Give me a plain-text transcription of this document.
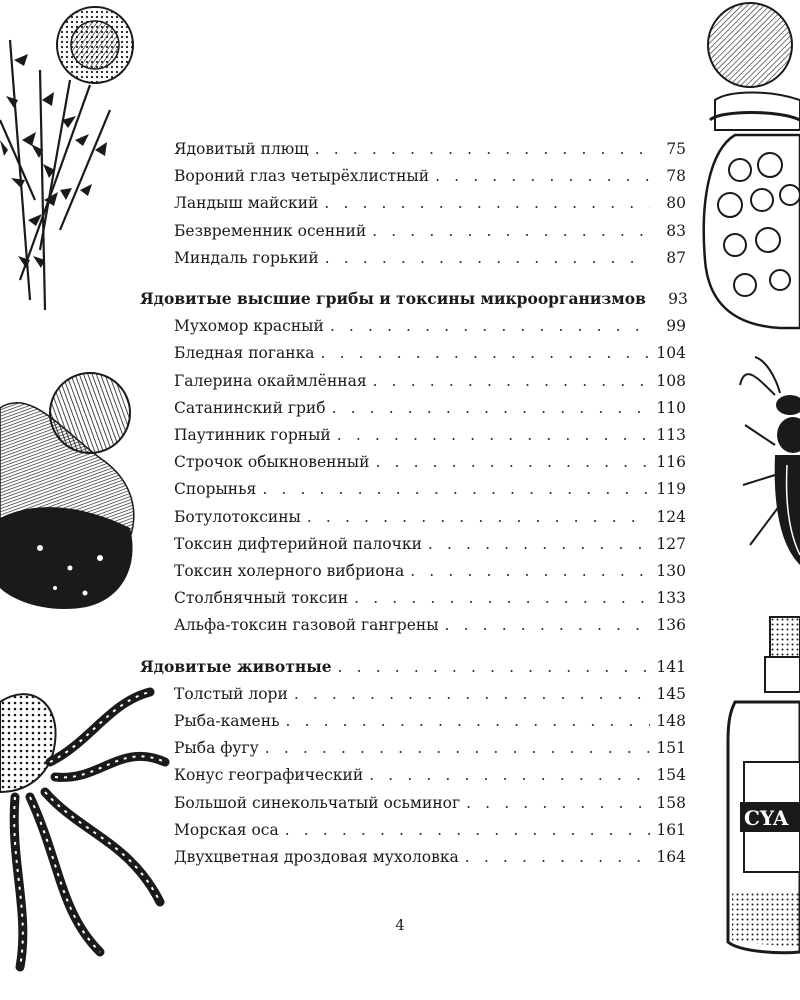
CYA
Ядовитый плющ . . .	75
Вороний глаз четырёхлистный . . .	78
Ландыш майский . . .	80
Безвременник осенний . . .	83
Миндаль горький . . .	87
Ядовитые высшие грибы и токсины микроорганизмов	93
Мухомор красный . . .	99
Бледная поганка . . .	104
Галерина окаймлённая . . .	108
Сатанинский гриб . . .	110
Паутинник горный . . .	113
Строчок обыкновенный . . .	116
Спорынья . . .	119
Ботулотоксины . . .	124
Токсин дифтерийной палочки . . .	127
Токсин холерного вибриона . . .	130
Столбнячный токсин . . .	133
Альфа-токсин газовой гангрены . . .	136
Ядовитые животные . . .	141
Толстый лори . . .	145
Рыба-камень . . .	148
Рыба фугу . . .	151
Конус географический . . .	154
Большой синекольчатый осьминог . . .	158
Морская оса . . .	161
Двухцветная дроздовая мухоловка . . .	164
4
